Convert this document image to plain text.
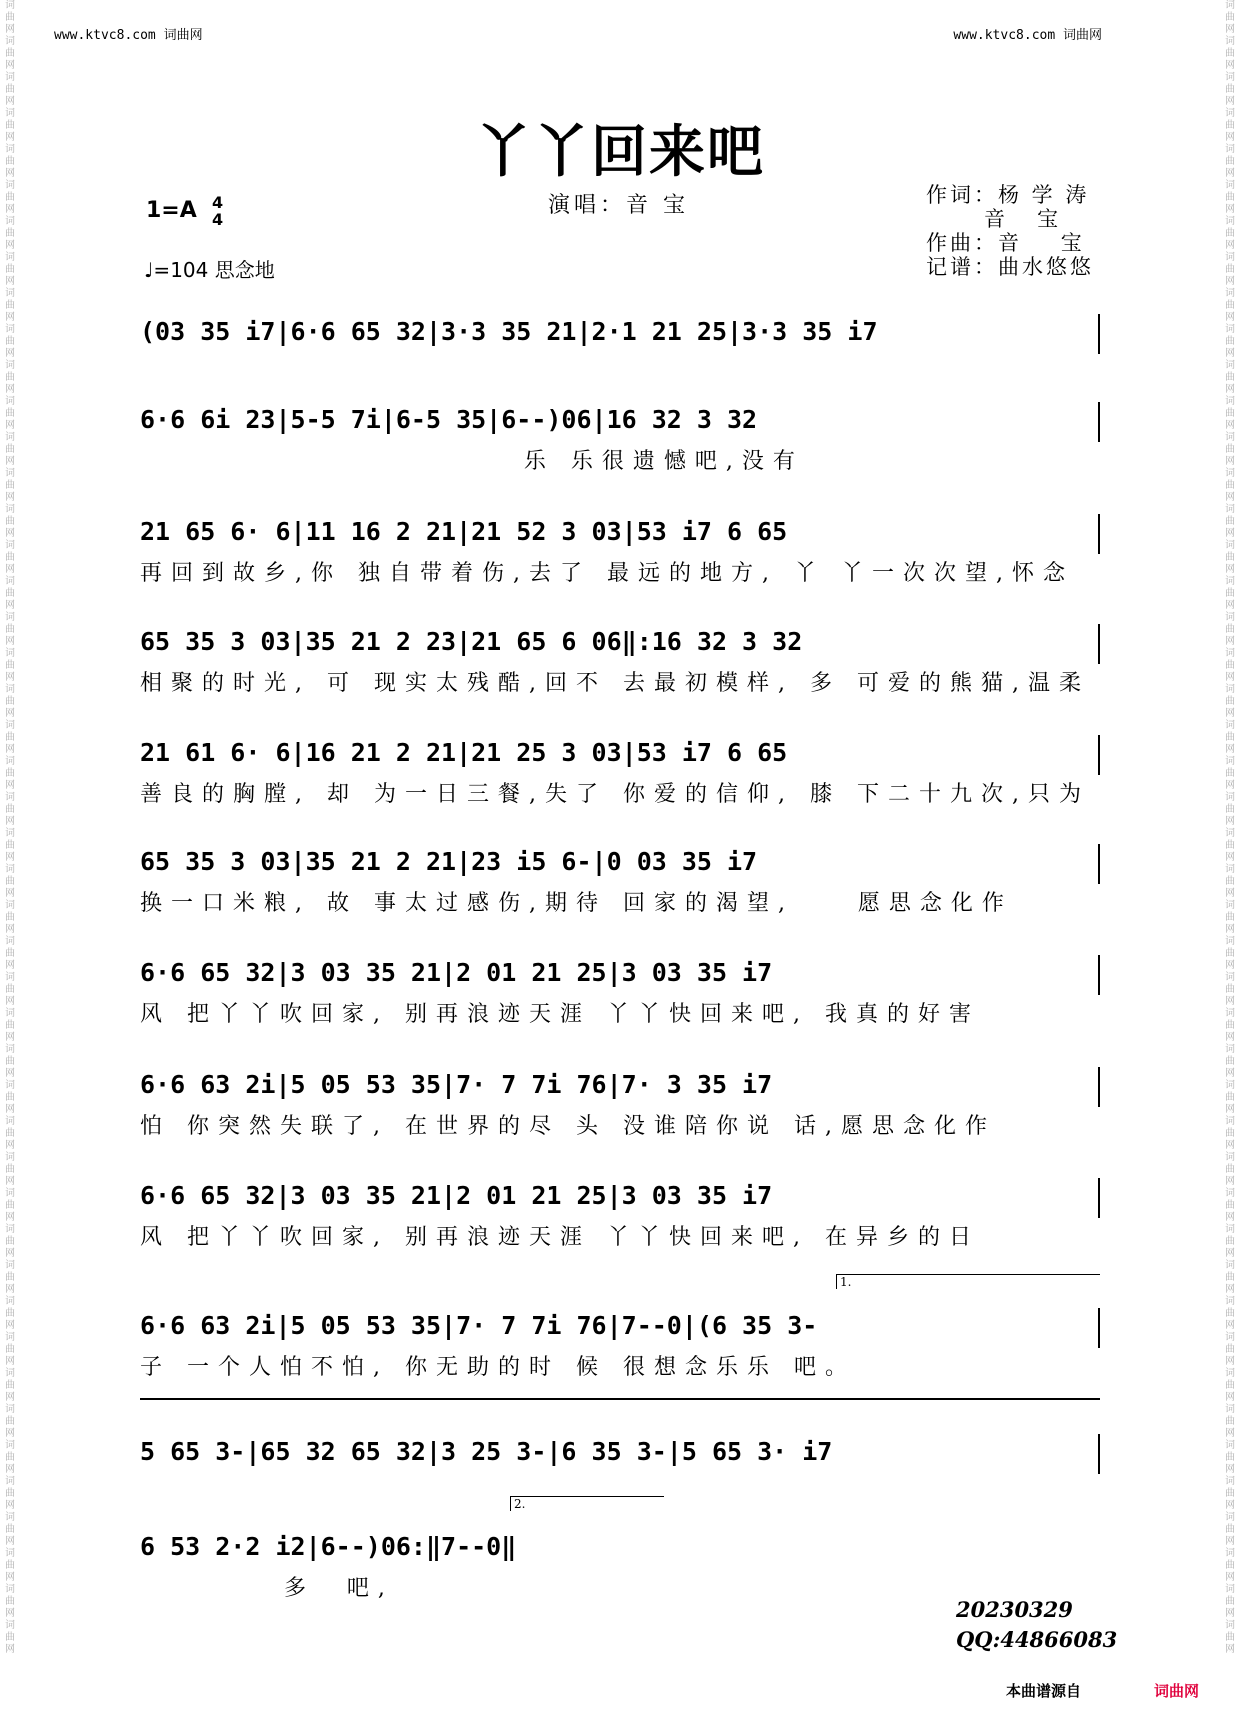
www.ktvc8.com 词曲网	www.ktvc8.com 词曲网
词曲网词曲网词曲网词曲网词曲网词曲网词曲网词曲网词曲网词曲网词曲网词曲网词曲网词曲网词曲网词曲网词曲网词曲网词曲网词曲网词曲网词曲网词曲网词曲网词曲网词曲网词曲网词曲网词曲网词曲网词曲网词曲网词曲网词曲网词曲网词曲网词曲网词曲网词曲网词曲网词曲网词曲网词曲网词曲网词曲网词曲网
词曲网词曲网词曲网词曲网词曲网词曲网词曲网词曲网词曲网词曲网词曲网词曲网词曲网词曲网词曲网词曲网词曲网词曲网词曲网词曲网词曲网词曲网词曲网词曲网词曲网词曲网词曲网词曲网词曲网词曲网词曲网词曲网词曲网词曲网词曲网词曲网词曲网词曲网词曲网词曲网词曲网词曲网词曲网词曲网词曲网词曲网
丫丫回来吧
演唱：音 宝	作词：杨 学 涛
音   宝
作曲：音    宝
记谱：曲水悠悠
1=A 4
4
♩=104 思念地
(03 35 i7|6·6 65 32|3·3 35 21|2·1 21 25|3·3 35 i7
6·6 6i 23|5-5 7i|6-5 35|6--)06|16 32 3 32
乐 乐很遗憾吧,没有
21 65 6· 6|11 16 2 21|21 52 3 03|53 i7 6 65
再回到故乡,你 独自带着伤,去了 最远的地方, 丫 丫一次次望,怀念
65 35 3 03|35 21 2 23|21 65 6 06‖:16 32 3 32
相聚的时光, 可 现实太残酷,回不 去最初模样, 多 可爱的熊猫,温柔
21 61 6· 6|16 21 2 21|21 25 3 03|53 i7 6 65
善良的胸膛, 却 为一日三餐,失了 你爱的信仰, 膝 下二十九次,只为
65 35 3 03|35 21 2 21|23 i5 6-|0 03 35 i7
换一口米粮, 故 事太过感伤,期待 回家的渴望,    愿思念化作
6·6 65 32|3 03 35 21|2 01 21 25|3 03 35 i7
风 把丫丫吹回家, 别再浪迹天涯 丫丫快回来吧, 我真的好害
6·6 63 2i|5 05 53 35|7· 7 7i 76|7· 3 35 i7
怕 你突然失联了, 在世界的尽 头 没谁陪你说 话,愿思念化作
6·6 65 32|3 03 35 21|2 01 21 25|3 03 35 i7
风 把丫丫吹回家, 别再浪迹天涯 丫丫快回来吧, 在异乡的日
1.
6·6 63 2i|5 05 53 35|7· 7 7i 76|7--0|(6 35 3-
子 一个人怕不怕, 你无助的时 候 很想念乐乐 吧。
5 65 3-|65 32 65 32|3 25 3-|6 35 3-|5 65 3· i7
2.
6 53 2·2 i2|6--)06:‖7--0‖
多  吧,
20230329
QQ:44866083
本曲谱源自	词曲网
